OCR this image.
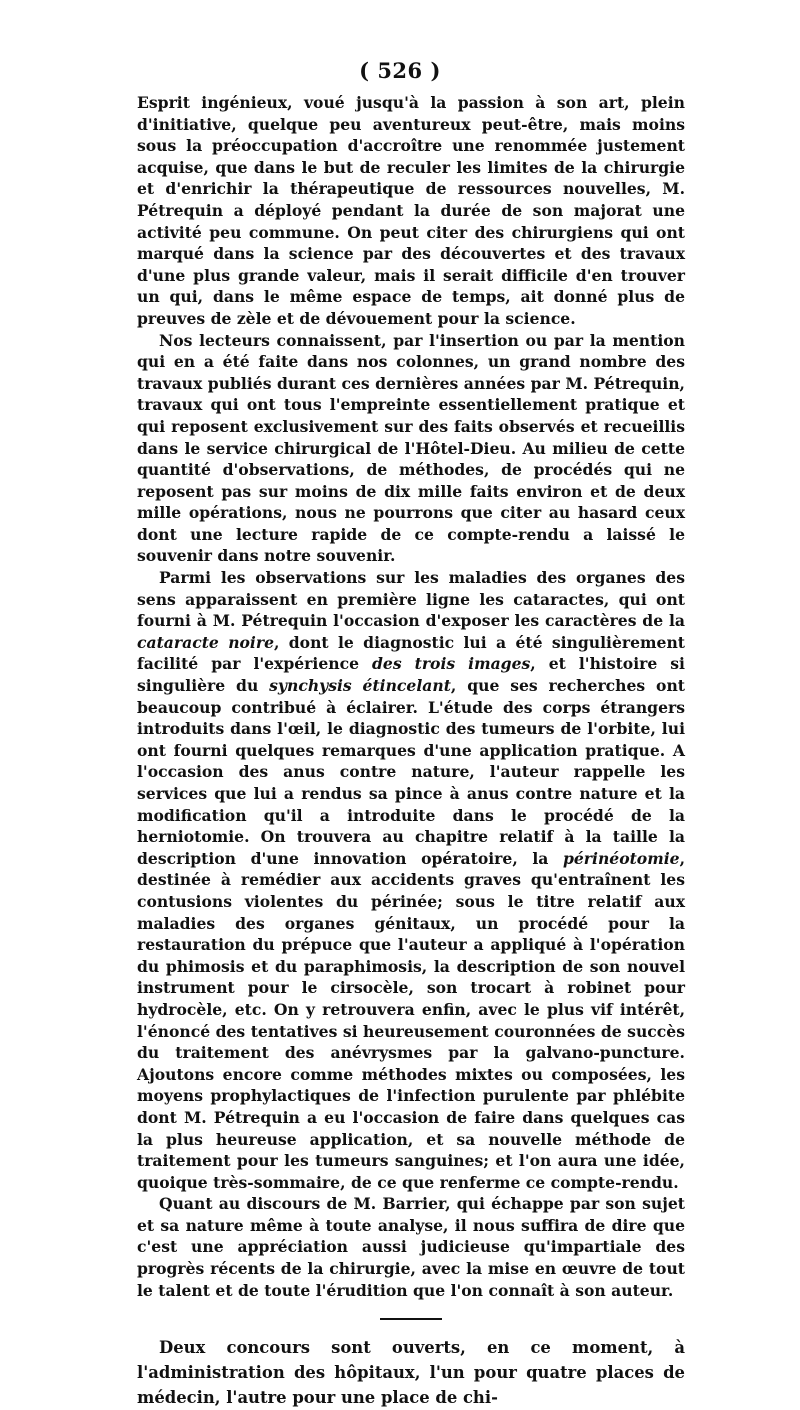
( 526 )

Esprit ingénieux, voué jusqu'à la passion à son art, plein d'initiative, quelque peu aventureux peut-être, mais moins sous la préoccupation d'accroître une renommée justement acquise, que dans le but de reculer les limites de la chirurgie et d'enrichir la thérapeutique de ressources nouvelles, M. Pétrequin a déployé pendant la durée de son majorat une activité peu commune. On peut citer des chirurgiens qui ont marqué dans la science par des découvertes et des travaux d'une plus grande valeur, mais il serait difficile d'en trouver un qui, dans le même espace de temps, ait donné plus de preuves de zèle et de dévouement pour la science.

Nos lecteurs connaissent, par l'insertion ou par la mention qui en a été faite dans nos colonnes, un grand nombre des travaux publiés durant ces dernières années par M. Pétrequin, travaux qui ont tous l'empreinte essentiellement pratique et qui reposent exclusivement sur des faits observés et recueillis dans le service chirurgical de l'Hôtel-Dieu. Au milieu de cette quantité d'observations, de méthodes, de procédés qui ne reposent pas sur moins de dix mille faits environ et de deux mille opérations, nous ne pourrons que citer au hasard ceux dont une lecture rapide de ce compte-rendu a laissé le souvenir dans notre souvenir.

Parmi les observations sur les maladies des organes des sens apparaissent en première ligne les cataractes, qui ont fourni à M. Pétrequin l'occasion d'exposer les caractères de la cataracte noire, dont le diagnostic lui a été singulièrement facilité par l'expérience des trois images, et l'histoire si singulière du synchysis étincelant, que ses recherches ont beaucoup contribué à éclairer. L'étude des corps étrangers introduits dans l'œil, le diagnostic des tumeurs de l'orbite, lui ont fourni quelques remarques d'une application pratique. A l'occasion des anus contre nature, l'auteur rappelle les services que lui a rendus sa pince à anus contre nature et la modification qu'il a introduite dans le procédé de la herniotomie. On trouvera au chapitre relatif à la taille la description d'une innovation opératoire, la périnéotomie, destinée à remédier aux accidents graves qu'entraînent les contusions violentes du périnée; sous le titre relatif aux maladies des organes génitaux, un procédé pour la restauration du prépuce que l'auteur a appliqué à l'opération du phimosis et du paraphimosis, la description de son nouvel instrument pour le cirsocèle, son trocart à robinet pour hydrocèle, etc. On y retrouvera enfin, avec le plus vif intérêt, l'énoncé des tentatives si heureusement couronnées de succès du traitement des anévrysmes par la galvano-puncture. Ajoutons encore comme méthodes mixtes ou composées, les moyens prophylactiques de l'infection purulente par phlébite dont M. Pétrequin a eu l'occasion de faire dans quelques cas la plus heureuse application, et sa nouvelle méthode de traitement pour les tumeurs sanguines; et l'on aura une idée, quoique très-sommaire, de ce que renferme ce compte-rendu.

Quant au discours de M. Barrier, qui échappe par son sujet et sa nature même à toute analyse, il nous suffira de dire que c'est une appréciation aussi judicieuse qu'impartiale des progrès récents de la chirurgie, avec la mise en œuvre de tout le talent et de toute l'érudition que l'on connaît à son auteur.

Deux concours sont ouverts, en ce moment, à l'administration des hôpitaux, l'un pour quatre places de médecin, l'autre pour une place de chi-
